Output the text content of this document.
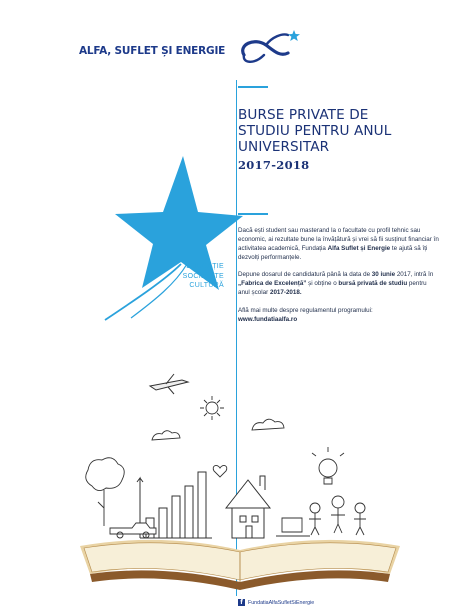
ALFA, SUFLET ȘI ENERGIE
BURSE PRIVATE DE
STUDIU PENTRU ANUL
UNIVERSITAR
2017-2018
EDUCAȚIE
SOCIETATE
CULTURĂ

Dacă ești student sau masterand la o facultate cu profil tehnic sau economic, ai rezultate bune la învățătură și vrei să fii susținut financiar în activitatea academică, Fundația Alfa Suflet și Energie te ajută să îți dezvolți performanțele.

Depune dosarul de candidatură până la data de 30 iunie 2017, intră în „Fabrica de Excelență” și obține o bursă privată de studiu pentru anul școlar 2017-2018.

Află mai multe despre regulamentul programului:
www.fundatiaalfa.ro

f FundatiaAlfaSufletSiEnergie
